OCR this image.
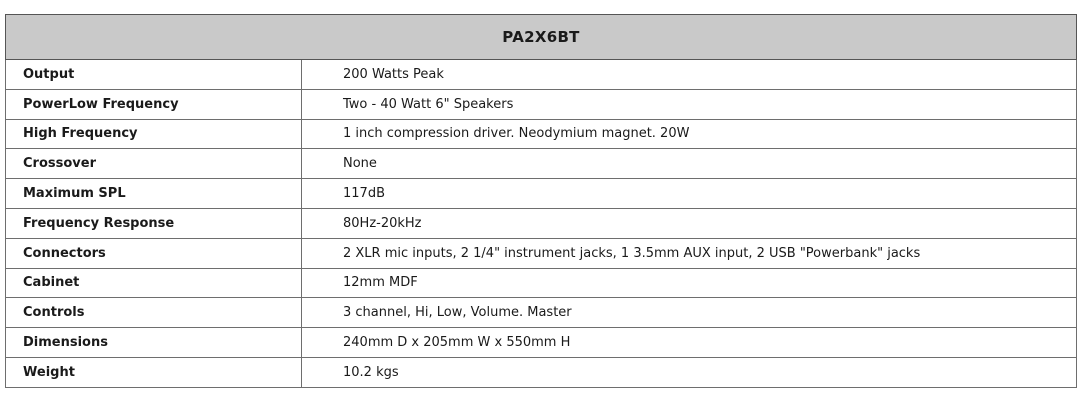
PA2X6BT	
Output	200 Watts Peak
PowerLow Frequency	Two - 40 Watt 6" Speakers
High Frequency	1 inch compression driver. Neodymium magnet. 20W
Crossover	None
Maximum SPL	117dB
Frequency Response	80Hz-20kHz
Connectors	2 XLR mic inputs, 2 1/4" instrument jacks, 1 3.5mm AUX input, 2 USB "Powerbank" jacks
Cabinet	12mm MDF
Controls	3 channel, Hi, Low, Volume. Master
Dimensions	240mm D x 205mm W x 550mm H
Weight	10.2 kgs
